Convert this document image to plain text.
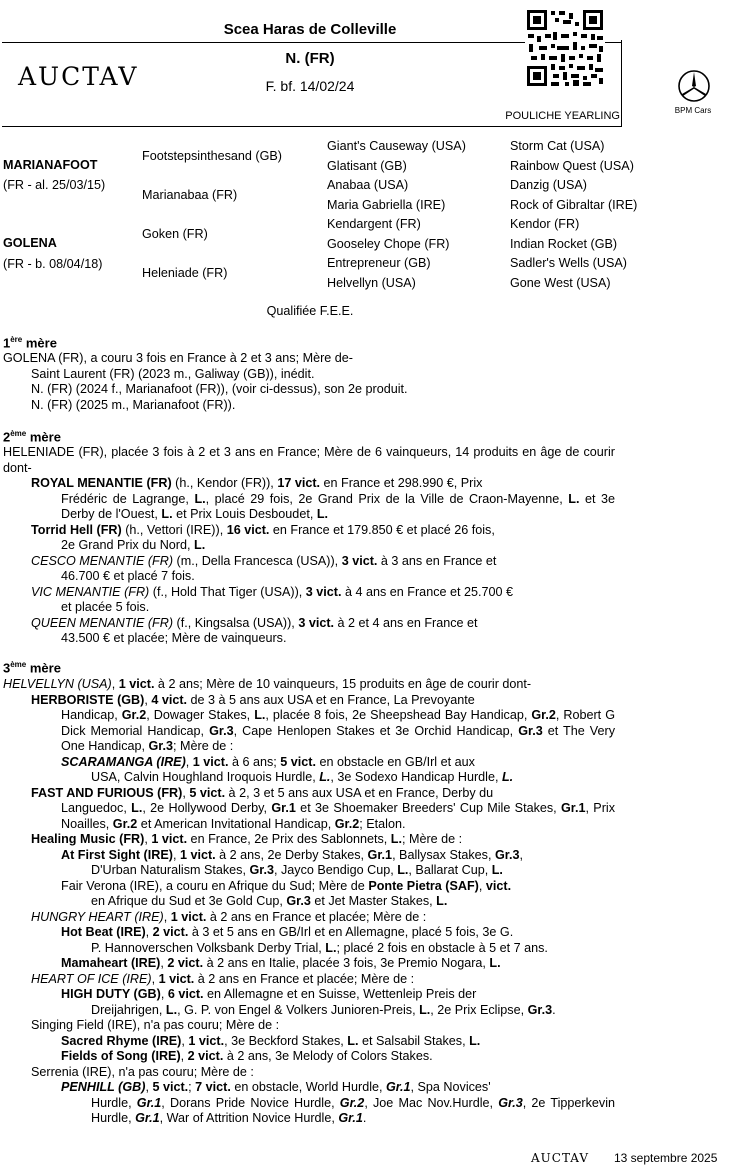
Scea Haras de Colleville
AUCTAV
N. (FR)
F. bf. 14/02/24
POULICHE YEARLING	BPM Cars
MARIANAFOOT
(FR - al. 25/03/15)
GOLENA
(FR - b. 08/04/18)
Footstepsinthesand (GB)
Marianabaa (FR)
Goken (FR)
Heleniade (FR)
Giant's Causeway (USA)
Glatisant (GB)
Anabaa (USA)
Maria Gabriella (IRE)
Kendargent (FR)
Gooseley Chope (FR)
Entrepreneur (GB)
Helvellyn (USA)
Storm Cat (USA)
Rainbow Quest (USA)
Danzig (USA)
Rock of Gibraltar (IRE)
Kendor (FR)
Indian Rocket (GB)
Sadler's Wells (USA)
Gone West (USA)
Qualifiée F.E.E.
1ère mère

GOLENA (FR), a couru 3 fois en France à 2 et 3 ans; Mère de-

Saint Laurent (FR) (2023 m., Galiway (GB)), inédit.

N. (FR) (2024 f., Marianafoot (FR)), (voir ci-dessus), son 2e produit.

N. (FR) (2025 m., Marianafoot (FR)).

2ème mère

HELENIADE (FR), placée 3 fois à 2 et 3 ans en France; Mère de 6 vainqueurs, 14 produits en âge de courir dont-

ROYAL MENANTIE (FR) (h., Kendor (FR)), 17 vict. en France et 298.990 €, Prix

Frédéric de Lagrange, L., placé 29 fois, 2e Grand Prix de la Ville de Craon-Mayenne, L. et 3e Derby de l'Ouest, L. et Prix Louis Desboudet, L.

Torrid Hell (FR) (h., Vettori (IRE)), 16 vict. en France et 179.850 € et placé 26 fois,

2e Grand Prix du Nord, L.

CESCO MENANTIE (FR) (m., Della Francesca (USA)), 3 vict. à 3 ans en France et

46.700 € et placé 7 fois.

VIC MENANTIE (FR) (f., Hold That Tiger (USA)), 3 vict. à 4 ans en France et 25.700 €

et placée 5 fois.

QUEEN MENANTIE (FR) (f., Kingsalsa (USA)), 3 vict. à 2 et 4 ans en France et

43.500 € et placée; Mère de vainqueurs.

3ème mère

HELVELLYN (USA), 1 vict. à 2 ans; Mère de 10 vainqueurs, 15 produits en âge de courir dont-

HERBORISTE (GB), 4 vict. de 3 à 5 ans aux USA et en France, La Prevoyante

Handicap, Gr.2, Dowager Stakes, L., placée 8 fois, 2e Sheepshead Bay Handicap, Gr.2, Robert G Dick Memorial Handicap, Gr.3, Cape Henlopen Stakes et 3e Orchid Handicap, Gr.3 et The Very One Handicap, Gr.3; Mère de :

SCARAMANGA (IRE), 1 vict. à 6 ans; 5 vict. en obstacle en GB/Irl et aux

USA, Calvin Houghland Iroquois Hurdle, L., 3e Sodexo Handicap Hurdle, L.

FAST AND FURIOUS (FR), 5 vict. à 2, 3 et 5 ans aux USA et en France, Derby du

Languedoc, L., 2e Hollywood Derby, Gr.1 et 3e Shoemaker Breeders' Cup Mile Stakes, Gr.1, Prix Noailles, Gr.2 et American Invitational Handicap, Gr.2; Etalon.

Healing Music (FR), 1 vict. en France, 2e Prix des Sablonnets, L.; Mère de :

At First Sight (IRE), 1 vict. à 2 ans, 2e Derby Stakes, Gr.1, Ballysax Stakes, Gr.3,

D'Urban Naturalism Stakes, Gr.3, Jayco Bendigo Cup, L., Ballarat Cup, L.

Fair Verona (IRE), a couru en Afrique du Sud; Mère de Ponte Pietra (SAF), vict.

en Afrique du Sud et 3e Gold Cup, Gr.3 et Jet Master Stakes, L.

HUNGRY HEART (IRE), 1 vict. à 2 ans en France et placée; Mère de :

Hot Beat (IRE), 2 vict. à 3 et 5 ans en GB/Irl et en Allemagne, placé 5 fois, 3e G.

P. Hannoverschen Volksbank Derby Trial, L.; placé 2 fois en obstacle à 5 et 7 ans.

Mamaheart (IRE), 2 vict. à 2 ans en Italie, placée 3 fois, 3e Premio Nogara, L.

HEART OF ICE (IRE), 1 vict. à 2 ans en France et placée; Mère de :

HIGH DUTY (GB), 6 vict. en Allemagne et en Suisse, Wettenleip Preis der

Dreijahrigen, L., G. P. von Engel & Volkers Junioren-Preis, L., 2e Prix Eclipse, Gr.3.

Singing Field (IRE), n'a pas couru; Mère de :

Sacred Rhyme (IRE), 1 vict., 3e Beckford Stakes, L. et Salsabil Stakes, L.

Fields of Song (IRE), 2 vict. à 2 ans, 3e Melody of Colors Stakes.

Serrenia (IRE), n'a pas couru; Mère de :

PENHILL (GB), 5 vict.; 7 vict. en obstacle, World Hurdle, Gr.1, Spa Novices'

Hurdle, Gr.1, Dorans Pride Novice Hurdle, Gr.2, Joe Mac Nov.Hurdle, Gr.3, 2e Tipperkevin Hurdle, Gr.1, War of Attrition Novice Hurdle, Gr.1.

AUCTAV 13 septembre 2025
